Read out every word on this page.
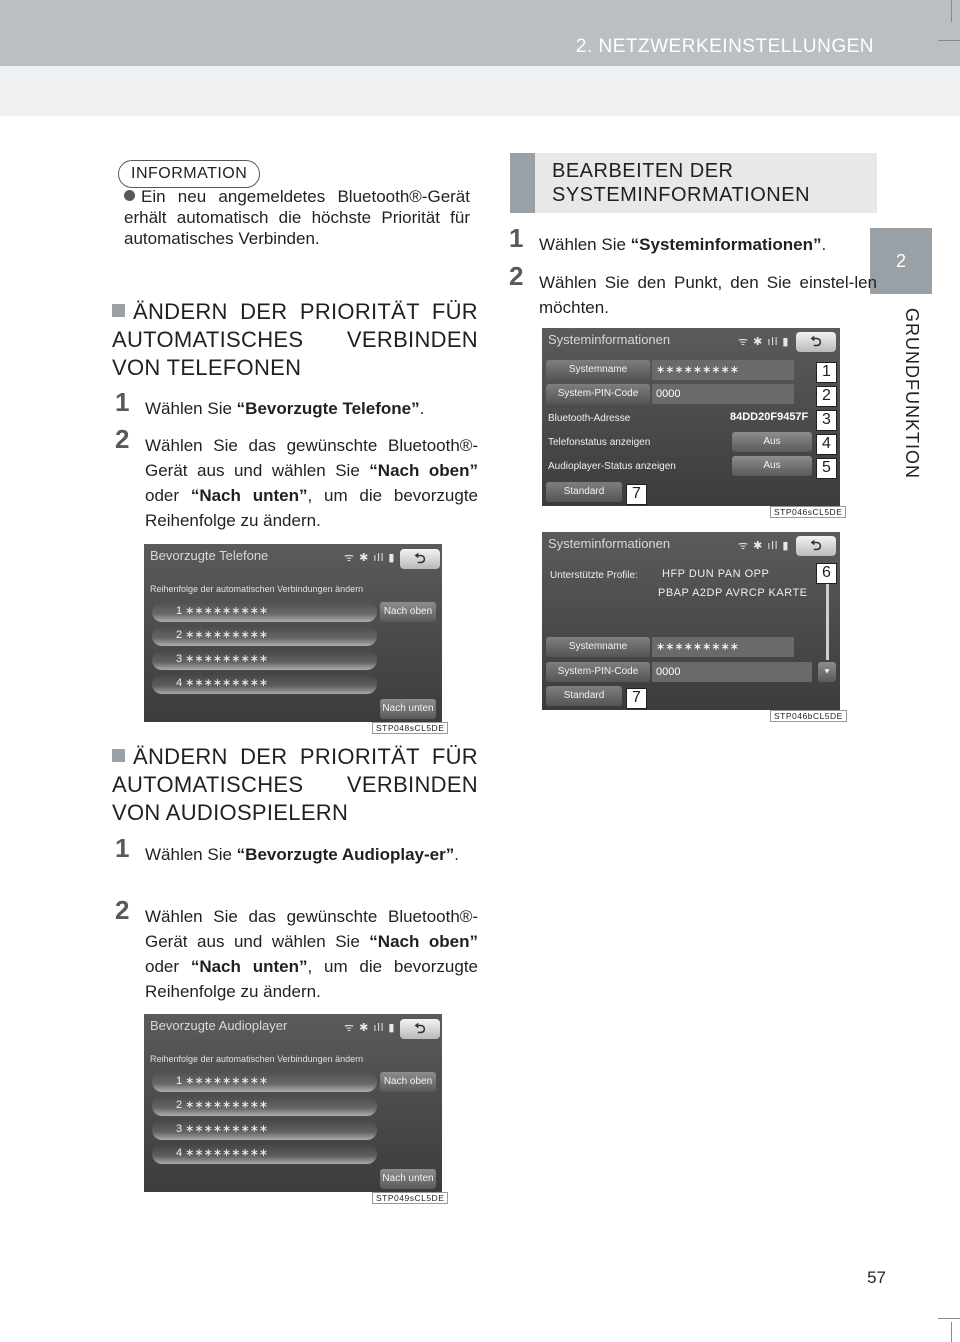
2. NETZWERKEINSTELLUNGEN
2
GRUNDFUNKTION
INFORMATION
Ein neu angemeldetes Bluetooth®-Gerät erhält automatisch die höchste Priorität für automatisches Verbinden.
ÄNDERN DER PRIORITÄT FÜR AUTOMATISCHES VERBINDEN VON TELEFONEN
1 Wählen Sie “Bevorzugte Telefone”.
2 Wählen Sie das gewünschte Bluetooth®-Gerät aus und wählen Sie “Nach oben” oder “Nach unten”, um die bevorzugte Reihenfolge zu ändern.
Bevorzugte Telefone	ᯤ ✱ ıll ▮	⮌
Reihenfolge der automatischen Verbindungen ändern
1 ∗∗∗∗∗∗∗∗∗
2 ∗∗∗∗∗∗∗∗∗
3 ∗∗∗∗∗∗∗∗∗
4 ∗∗∗∗∗∗∗∗∗
Nach oben
Nach unten
STP048sCL5DE
ÄNDERN DER PRIORITÄT FÜR AUTOMATISCHES VERBINDEN VON AUDIOSPIELERN
1 Wählen Sie “Bevorzugte Audioplay-er”.
2 Wählen Sie das gewünschte Bluetooth®-Gerät aus und wählen Sie “Nach oben” oder “Nach unten”, um die bevorzugte Reihenfolge zu ändern.
Bevorzugte Audioplayer	ᯤ ✱ ıll ▮	⮌
Reihenfolge der automatischen Verbindungen ändern
1 ∗∗∗∗∗∗∗∗∗
2 ∗∗∗∗∗∗∗∗∗
3 ∗∗∗∗∗∗∗∗∗
4 ∗∗∗∗∗∗∗∗∗
Nach oben
Nach unten
STP049sCL5DE
BEARBEITEN DER SYSTEMINFORMATIONEN
1 Wählen Sie “Systeminformationen”.
2 Wählen Sie den Punkt, den Sie einstel-len möchten.
Systeminformationen	ᯤ ✱ ıll ▮	⮌
Systemname	∗∗∗∗∗∗∗∗∗
System-PIN-Code	0000
Bluetooth-Adresse	84DD20F9457F
Telefonstatus anzeigen	Aus
Audioplayer-Status anzeigen	Aus
Standard
1
2
3
4
5
7
STP046sCL5DE
Systeminformationen	ᯤ ✱ ıll ▮	⮌
Unterstützte Profile: HFP DUN PAN OPP
PBAP A2DP AVRCP KARTE
Systemname	∗∗∗∗∗∗∗∗∗
System-PIN-Code	0000	⯆
Standard
6
7
STP046bCL5DE
57
